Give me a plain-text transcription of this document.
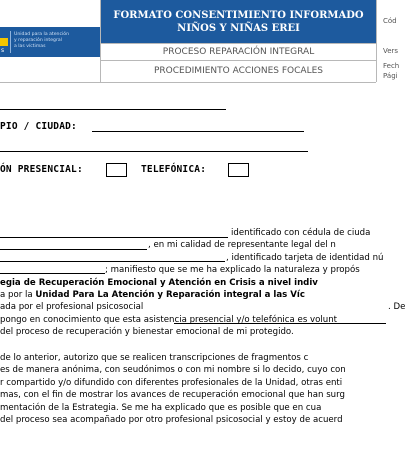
s
Unidad para la atención
y reparación integral
a las víctimas
FORMATO CONSENTIMIENTO INFORMADO NIÑOS Y NIÑAS EREI
PROCESO REPARACIÓN INTEGRAL
PROCEDIMIENTO ACCIONES FOCALES
Cód
Vers
Fech
Pági
PIO / CIUDAD:
ÓN PRESENCIAL:	TELEFÓNICA:
identificado con cédula de ciuda
, en mi calidad de representante legal del n
, identificado tarjeta de identidad nú
; manifiesto que se me ha explicado la naturaleza y propós
egia de Recuperación Emocional y Atención en Crisis a nivel indiv
a por la Unidad Para La Atención y Reparación integral a las Víc
ada por el profesional psicosocial	. De
pongo en conocimiento que esta asistencia presencial y/o telefónica es volunt
del proceso de recuperación y bienestar emocional de mi protegido.
de lo anterior, autorizo que se realicen transcripciones de fragmentos c
es de manera anónima, con seudónimos o con mi nombre si lo decido, cuyo con
r compartido y/o difundido con diferentes profesionales de la Unidad, otras enti
mas, con el fin de mostrar los avances de recuperación emocional que han surg
mentación de la Estrategia. Se me ha explicado que es posible que en cua
del proceso sea acompañado por otro profesional psicosocial y estoy de acuerd
